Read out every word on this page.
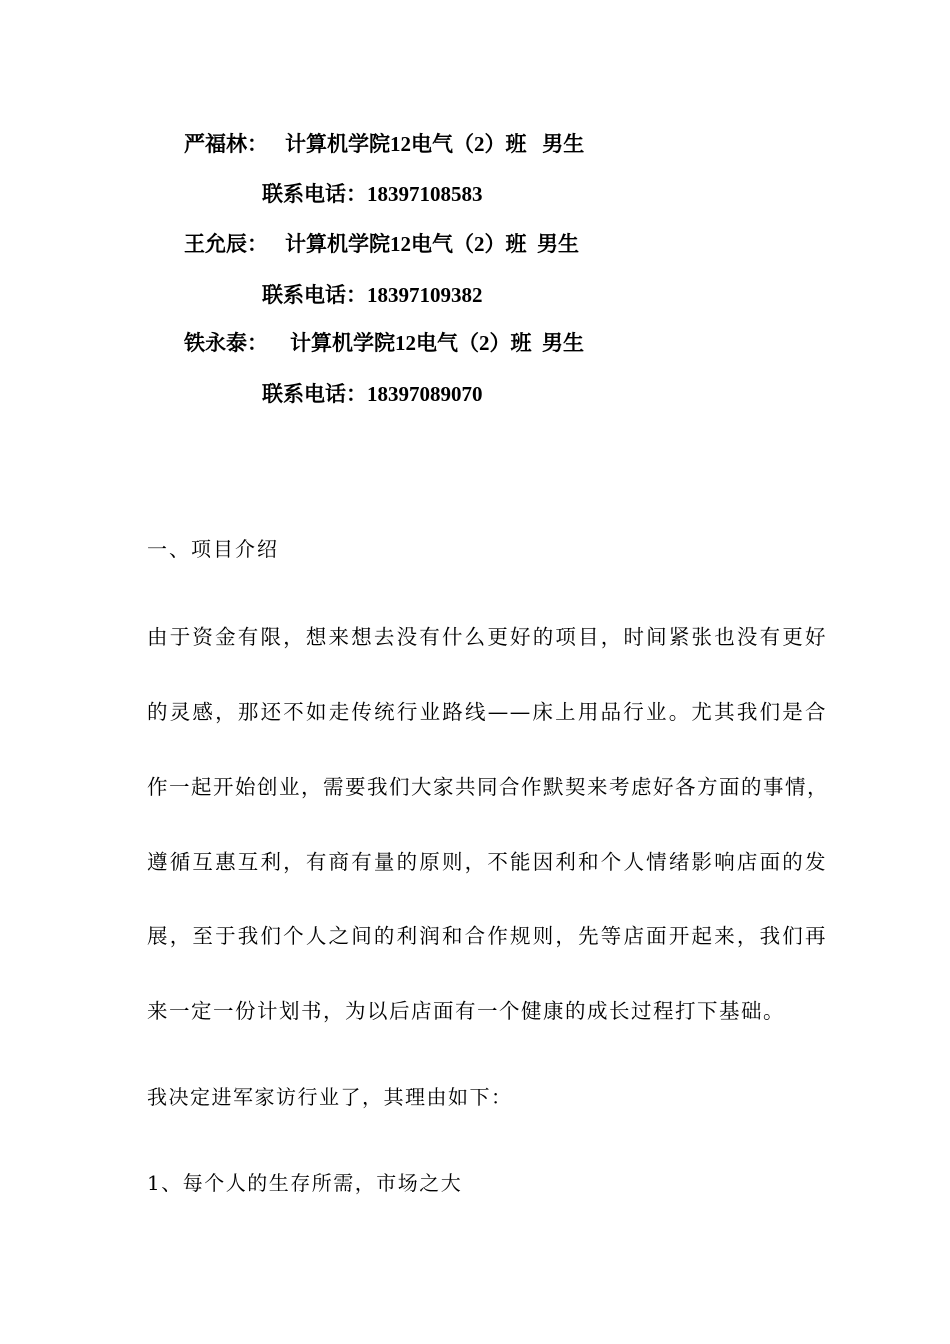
严福林： 计算机学院12电气（2）班   男生
联系电话：18397108583
王允辰： 计算机学院12电气（2）班  男生
联系电话：18397109382
铁永泰： 计算机学院12电气（2）班  男生
联系电话：18397089070
一、项目介绍
由于资金有限，想来想去没有什么更好的项目，时间紧张也没有更好
的灵感，那还不如走传统行业路线——床上用品行业。尤其我们是合
作一起开始创业，需要我们大家共同合作默契来考虑好各方面的事情，
遵循互惠互利，有商有量的原则，不能因利和个人情绪影响店面的发
展，至于我们个人之间的利润和合作规则，先等店面开起来，我们再
来一定一份计划书，为以后店面有一个健康的成长过程打下基础。
我决定进军家访行业了，其理由如下：
1、每个人的生存所需，市场之大
